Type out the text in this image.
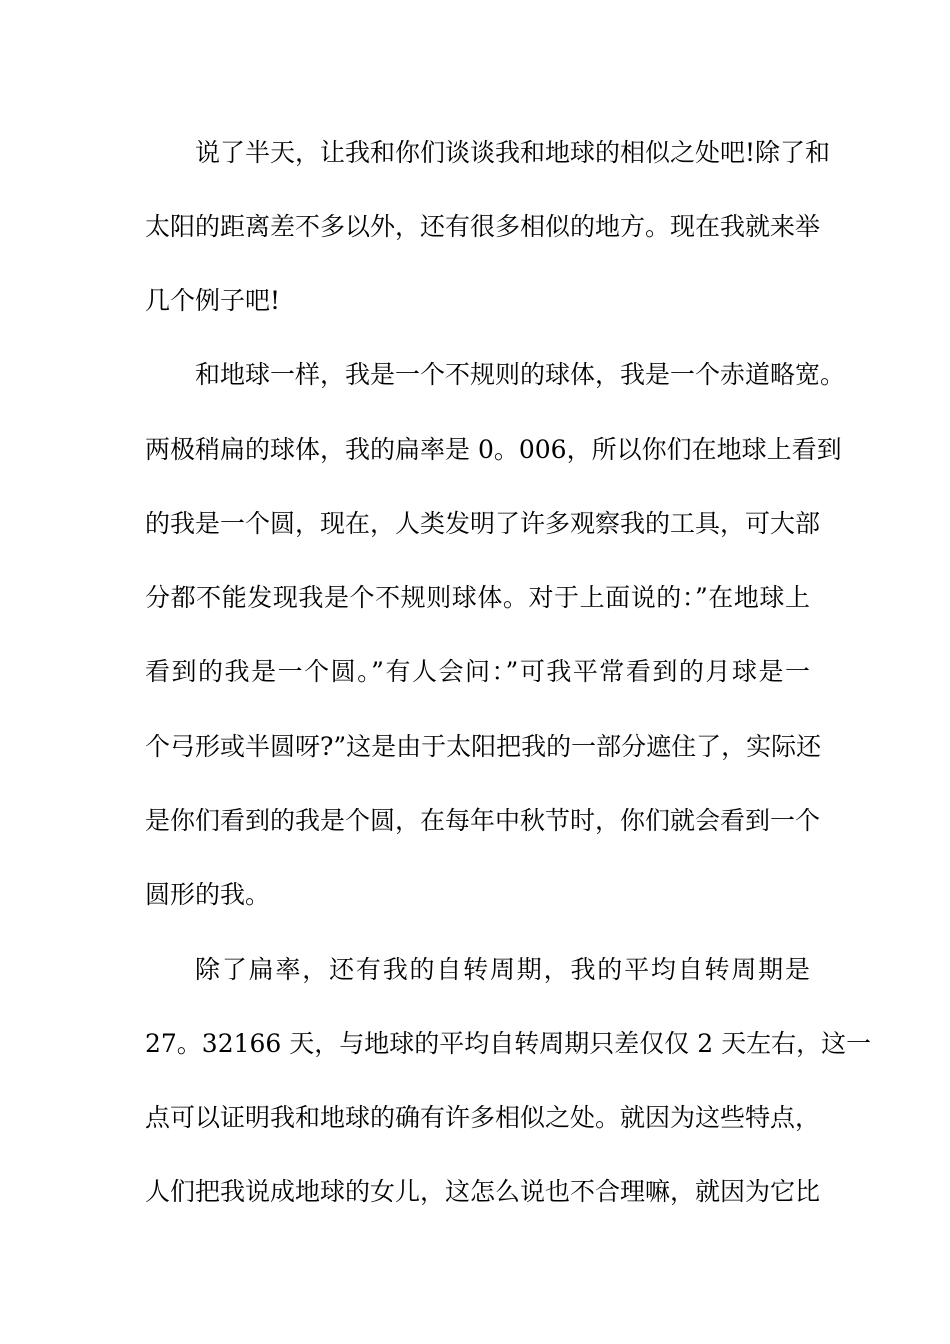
说了半天，让我和你们谈谈我和地球的相似之处吧!除了和
太阳的距离差不多以外，还有很多相似的地方。现在我就来举
几个例子吧!
和地球一样，我是一个不规则的球体，我是一个赤道略宽。
两极稍扁的球体，我的扁率是 0。006，所以你们在地球上看到
的我是一个圆，现在，人类发明了许多观察我的工具，可大部
分都不能发现我是个不规则球体。对于上面说的：”在地球上
看到的我是一个圆。”有人会问：”可我平常看到的月球是一
个弓形或半圆呀?”这是由于太阳把我的一部分遮住了，实际还
是你们看到的我是个圆，在每年中秋节时，你们就会看到一个
圆形的我。
除了扁率，还有我的自转周期，我的平均自转周期是
27。32166 天，与地球的平均自转周期只差仅仅 2 天左右，这一
点可以证明我和地球的确有许多相似之处。就因为这些特点，
人们把我说成地球的女儿，这怎么说也不合理嘛，就因为它比
